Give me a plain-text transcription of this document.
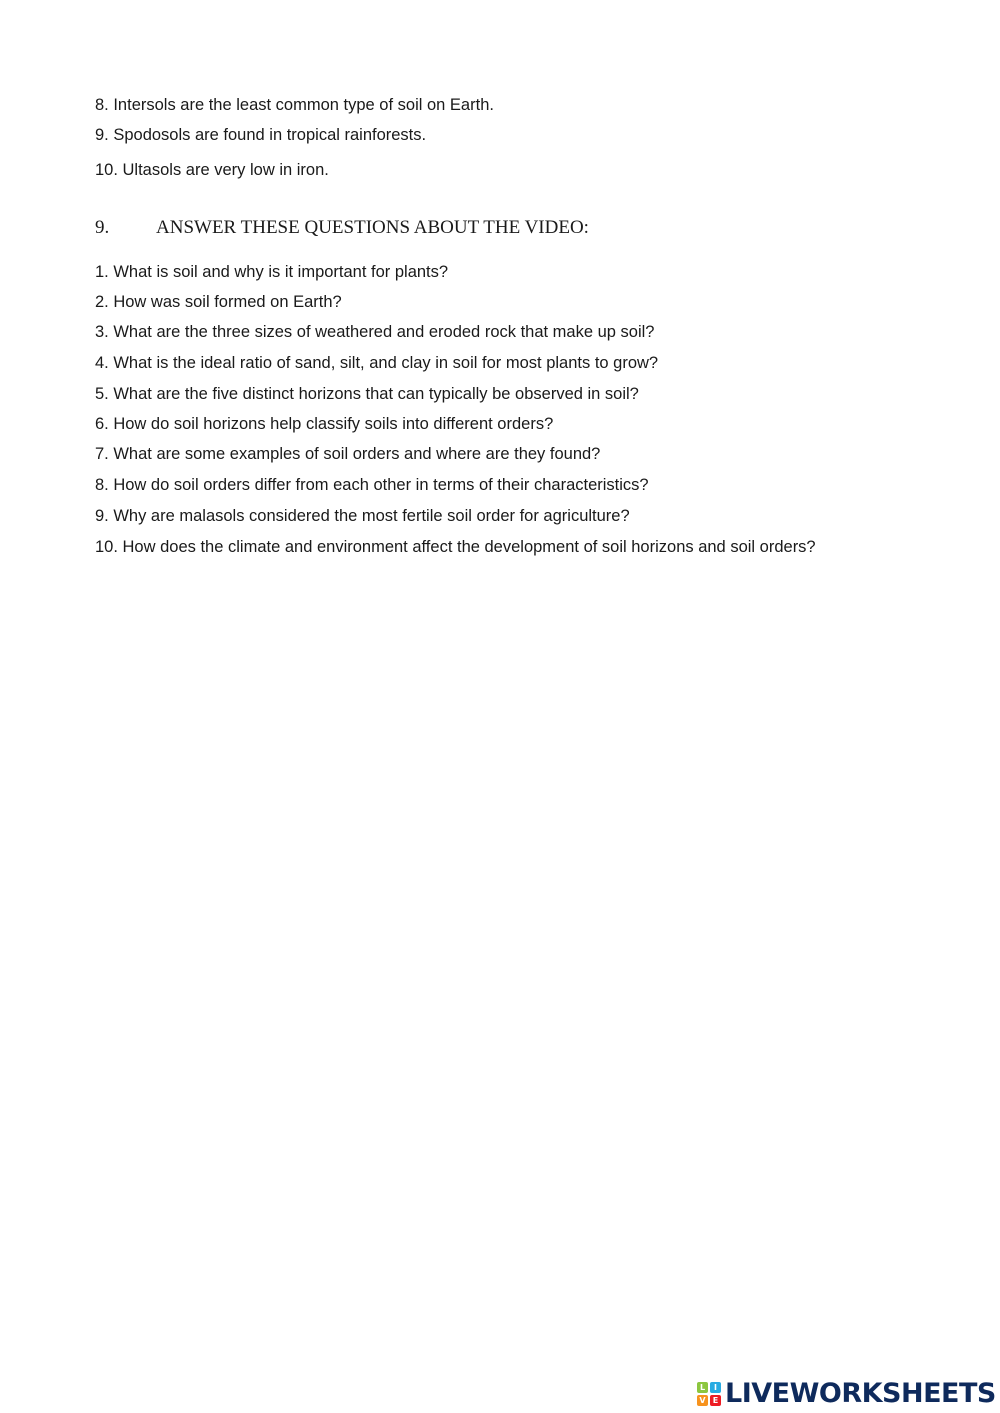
8. Intersols are the least common type of soil on Earth.
9. Spodosols are found in tropical rainforests.
10. Ultasols are very low in iron.
9. ANSWER THESE QUESTIONS ABOUT THE VIDEO:
1. What is soil and why is it important for plants?
2. How was soil formed on Earth?
3. What are the three sizes of weathered and eroded rock that make up soil?
4. What is the ideal ratio of sand, silt, and clay in soil for most plants to grow?
5. What are the five distinct horizons that can typically be observed in soil?
6. How do soil horizons help classify soils into different orders?
7. What are some examples of soil orders and where are they found?
8. How do soil orders differ from each other in terms of their characteristics?
9. Why are malasols considered the most fertile soil order for agriculture?
10. How does the climate and environment affect the development of soil horizons and soil orders?
L	I
V E LIVEWORKSHEETS
